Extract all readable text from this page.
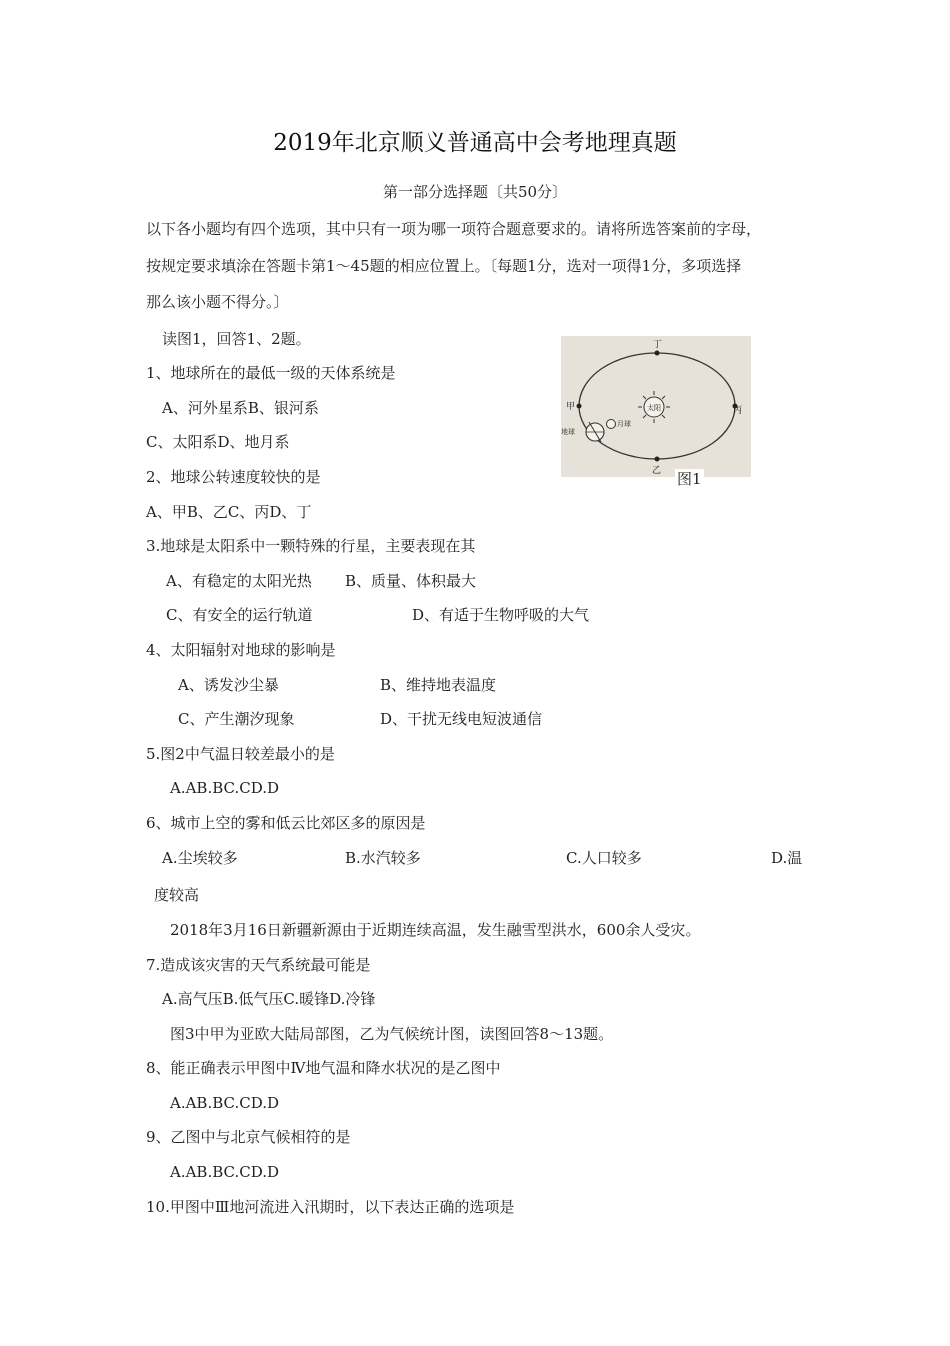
2019年北京顺义普通高中会考地理真题
第一部分选择题〔共50分〕
以下各小题均有四个选项，其中只有一项为哪一项符合题意要求的。请将所选答案前的字母，
按规定要求填涂在答题卡第1～45题的相应位置上。〔每题1分，选对一项得1分，多项选择
那么该小题不得分。〕
读图1，回答1、2题。
太阳
丁
乙
甲	丙
地球
月球
图1
1、地球所在的最低一级的天体系统是
A、河外星系B、银河系
C、太阳系D、地月系
2、地球公转速度较快的是
A、甲B、乙C、丙D、丁
3.地球是太阳系中一颗特殊的行星，主要表现在其
A、有稳定的太阳光热 B、质量、体积最大
C、有安全的运行轨道	D、有适于生物呼吸的大气
4、太阳辐射对地球的影响是
A、诱发沙尘暴	B、维持地表温度
C、产生潮汐现象	D、干扰无线电短波通信
5.图2中气温日较差最小的是
A.AB.BC.CD.D
6、城市上空的雾和低云比郊区多的原因是
A.尘埃较多	B.水汽较多	C.人口较多	D.温
度较高
2018年3月16日新疆新源由于近期连续高温，发生融雪型洪水，600余人受灾。
7.造成该灾害的天气系统最可能是
A.高气压B.低气压C.暖锋D.冷锋
图3中甲为亚欧大陆局部图，乙为气候统计图，读图回答8～13题。
8、能正确表示甲图中Ⅳ地气温和降水状况的是乙图中
A.AB.BC.CD.D
9、乙图中与北京气候相符的是
A.AB.BC.CD.D
10.甲图中Ⅲ地河流进入汛期时，以下表达正确的选项是
